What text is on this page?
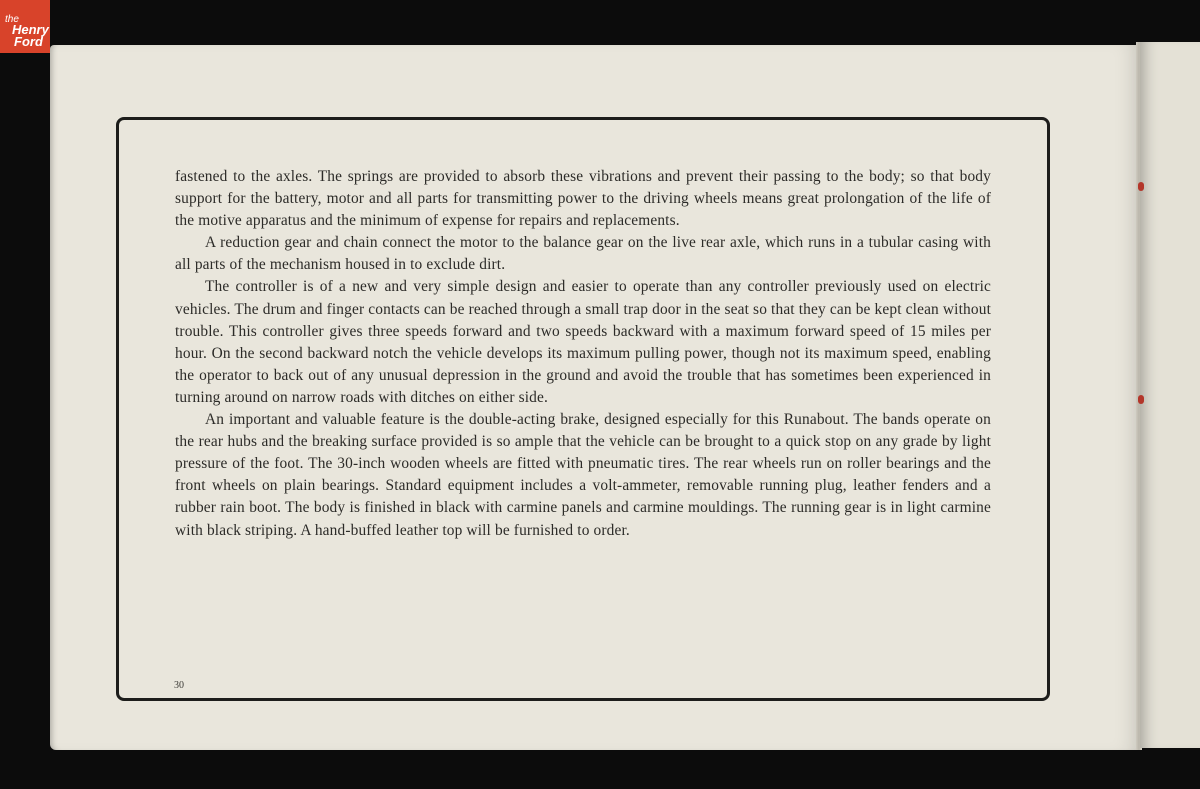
the
Henry
Ford

fastened to the axles. The springs are provided to absorb these vibrations and prevent their passing to the body; so that body support for the battery, motor and all parts for transmitting power to the driving wheels means great prolongation of the life of the motive apparatus and the minimum of expense for repairs and replacements.

A reduction gear and chain connect the motor to the balance gear on the live rear axle, which runs in a tubular casing with all parts of the mechanism housed in to exclude dirt.

The controller is of a new and very simple design and easier to operate than any controller previously used on electric vehicles. The drum and finger contacts can be reached through a small trap door in the seat so that they can be kept clean without trouble. This controller gives three speeds forward and two speeds backward with a maximum forward speed of 15 miles per hour. On the second backward notch the vehicle develops its maximum pulling power, though not its maximum speed, enabling the operator to back out of any unusual depression in the ground and avoid the trouble that has sometimes been experienced in turning around on narrow roads with ditches on either side.

An important and valuable feature is the double-acting brake, designed especially for this Runabout. The bands operate on the rear hubs and the breaking surface provided is so ample that the vehicle can be brought to a quick stop on any grade by light pressure of the foot. The 30-inch wooden wheels are fitted with pneumatic tires. The rear wheels run on roller bearings and the front wheels on plain bearings. Standard equipment includes a volt-ammeter, removable running plug, leather fenders and a rubber rain boot. The body is finished in black with carmine panels and carmine mouldings. The running gear is in light carmine with black striping. A hand-buffed leather top will be furnished to order.

30
